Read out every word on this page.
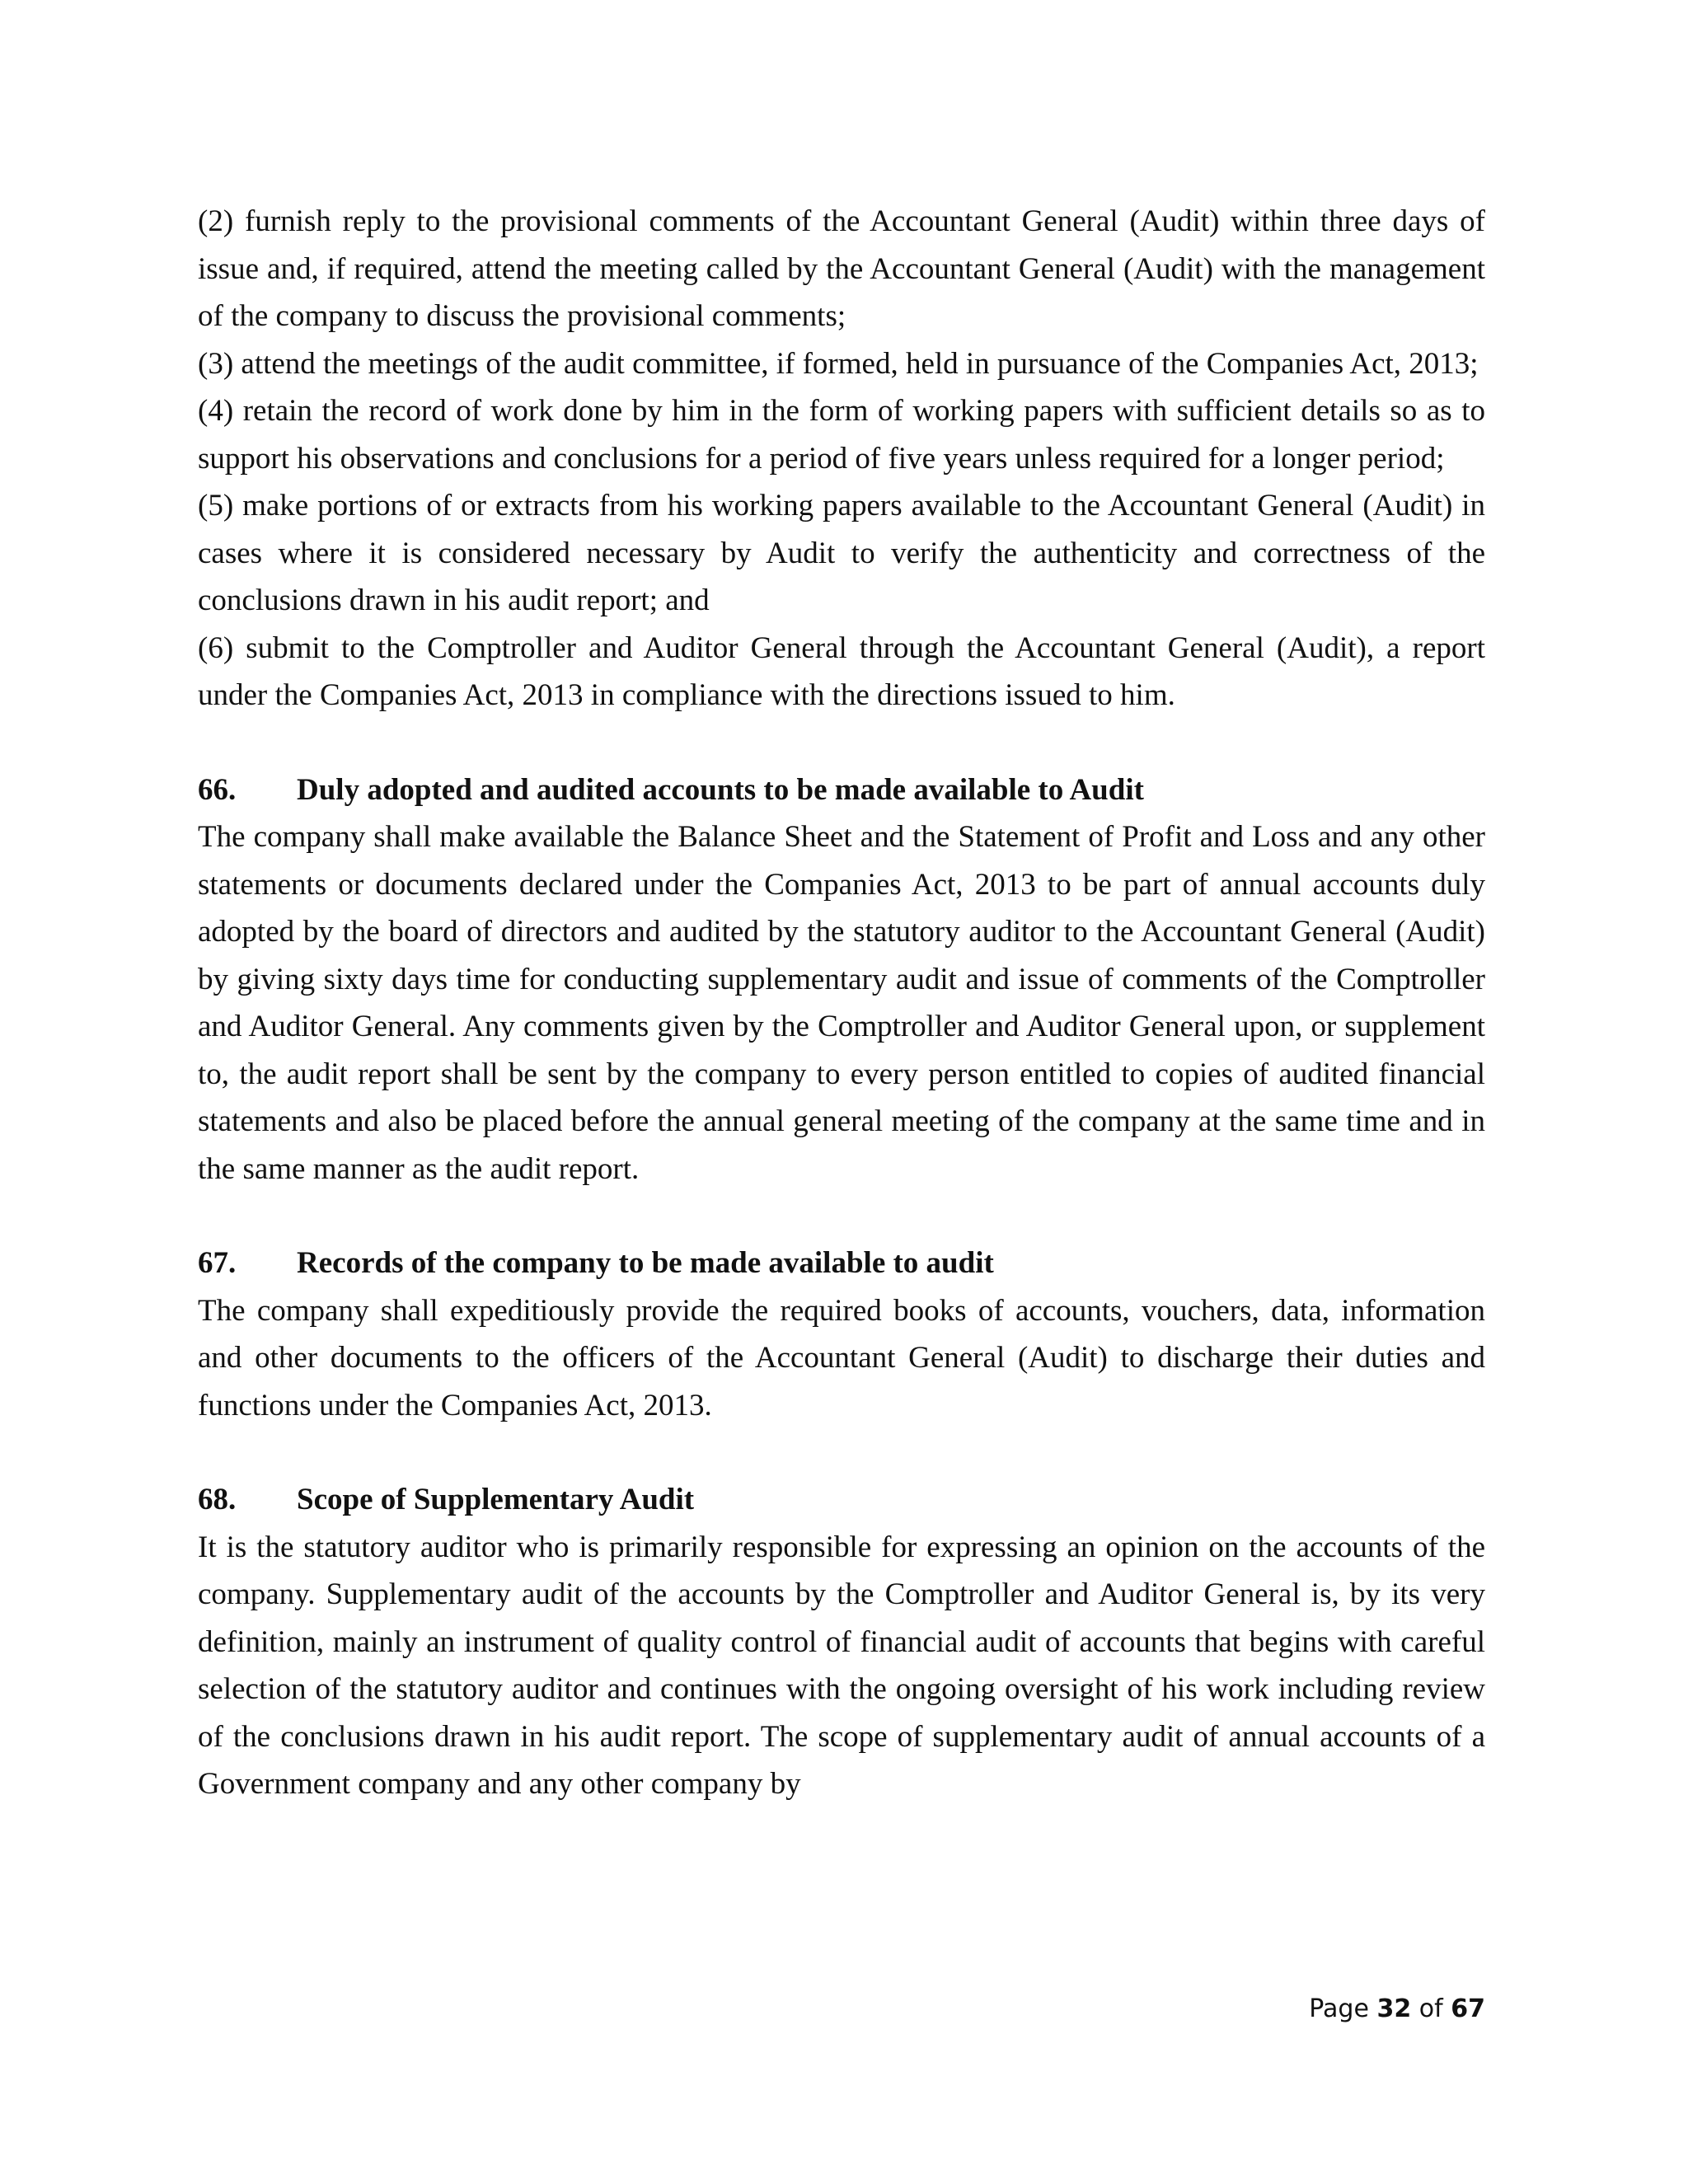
(2) furnish reply to the provisional comments of the Accountant General (Audit) within three days of issue and, if required, attend the meeting called by the Accountant General (Audit) with the management of the company to discuss the provisional comments;

(3) attend the meetings of the audit committee, if formed, held in pursuance of the Companies Act, 2013;

(4) retain the record of work done by him in the form of working papers with sufficient details so as to support his observations and conclusions for a period of five years unless required for a longer period;

(5) make portions of or extracts from his working papers available to the Accountant General (Audit) in cases where it is considered necessary by Audit to verify the authenticity and correctness of the conclusions drawn in his audit report; and

(6) submit to the Comptroller and Auditor General through the Accountant General (Audit), a report under the Companies Act, 2013 in compliance with the directions issued to him.

66.	Duly adopted and audited accounts to be made available to Audit

The company shall make available the Balance Sheet and the Statement of Profit and Loss and any other statements or documents declared under the Companies Act, 2013 to be part of annual accounts duly adopted by the board of directors and audited by the statutory auditor to the Accountant General (Audit) by giving sixty days time for conducting supplementary audit and issue of comments of the Comptroller and Auditor General. Any comments given by the Comptroller and Auditor General upon, or supplement to, the audit report shall be sent by the company to every person entitled to copies of audited financial statements and also be placed before the annual general meeting of the company at the same time and in the same manner as the audit report.

67.	Records of the company to be made available to audit

The company shall expeditiously provide the required books of accounts, vouchers, data, information and other documents to the officers of the Accountant General (Audit) to discharge their duties and functions under the Companies Act, 2013.

68.	Scope of Supplementary Audit

It is the statutory auditor who is primarily responsible for expressing an opinion on the accounts of the company. Supplementary audit of the accounts by the Comptroller and Auditor General is, by its very definition, mainly an instrument of quality control of financial audit of accounts that begins with careful selection of the statutory auditor and continues with the ongoing oversight of his work including review of the conclusions drawn in his audit report. The scope of supplementary audit of annual accounts of a Government company and any other company by

Page 32 of 67
